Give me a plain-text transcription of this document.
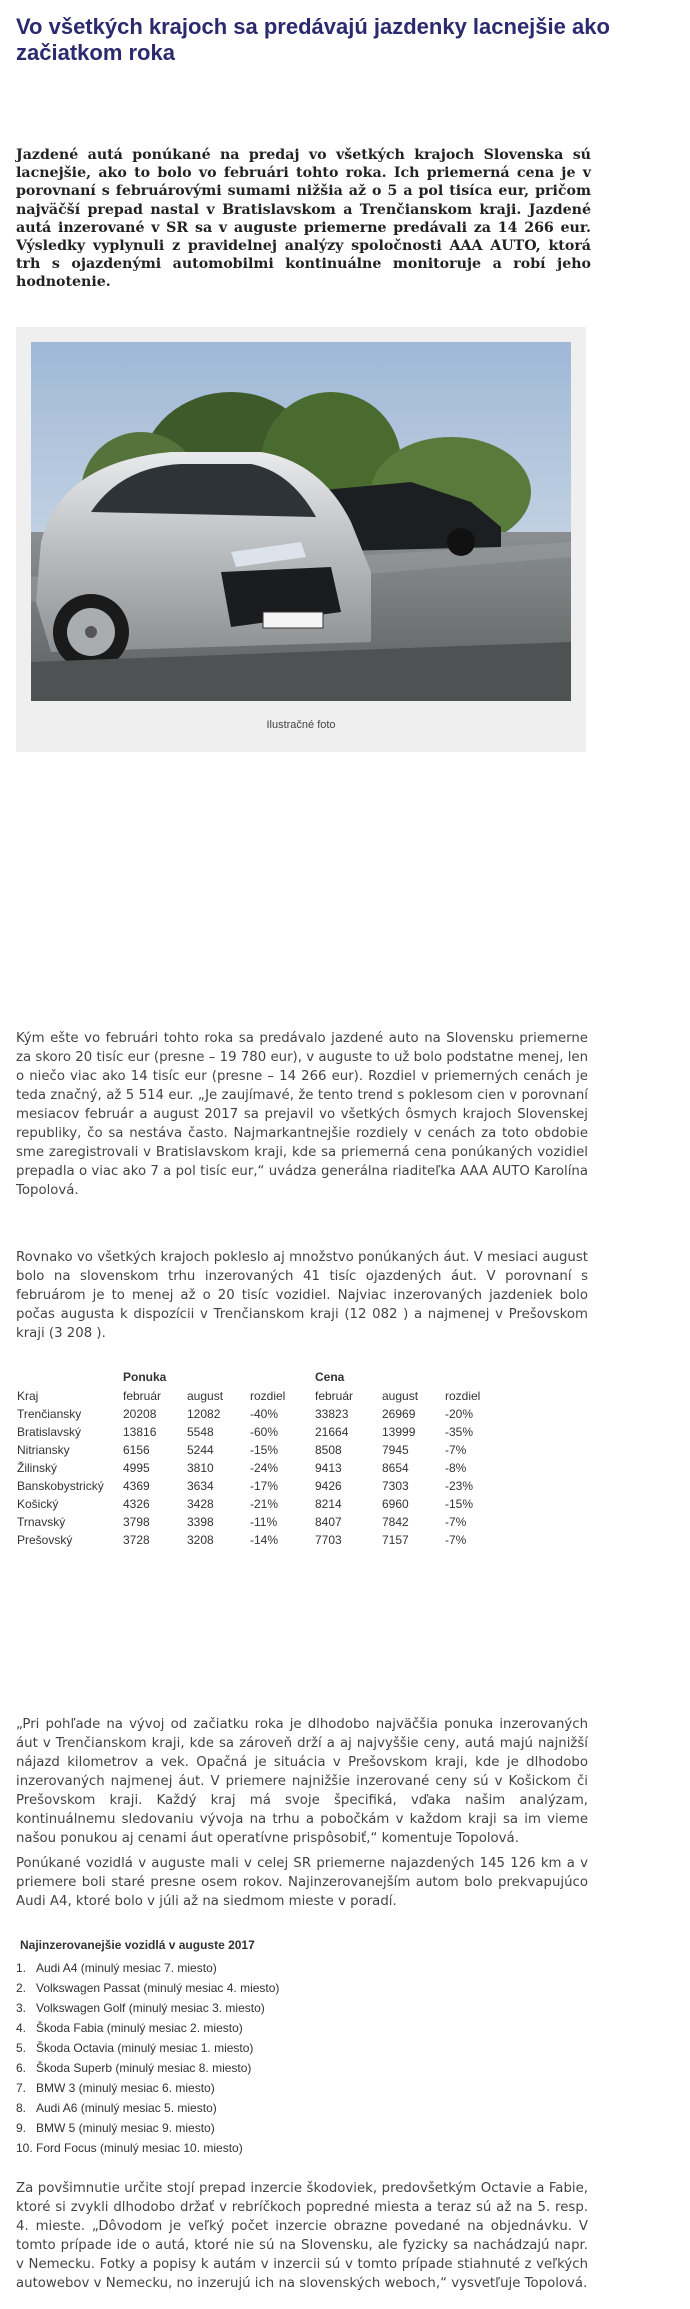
Vo všetkých krajoch sa predávajú jazdenky lacnejšie ako začiatkom roka

Jazdené autá ponúkané na predaj vo všetkých krajoch Slovenska sú lacnejšie, ako to bolo vo februári tohto roka. Ich priemerná cena je v porovnaní s februárovými sumami nižšia až o 5 a pol tisíca eur, pričom najväčší prepad nastal v Bratislavskom a Trenčianskom kraji. Jazdené autá inzerované v SR sa v auguste priemerne predávali za 14 266 eur. Výsledky vyplynuli z pravidelnej analýzy spoločnosti AAA AUTO, ktorá trh s ojazdenými automobilmi kontinuálne monitoruje a robí jeho hodnotenie.

Ilustračné foto

Kým ešte vo februári tohto roka sa predávalo jazdené auto na Slovensku priemerne za skoro 20 tisíc eur (presne – 19 780 eur), v auguste to už bolo podstatne menej, len o niečo viac ako 14 tisíc eur (presne – 14 266 eur). Rozdiel v priemerných cenách je teda značný, až 5 514 eur. „Je zaujímavé, že tento trend s poklesom cien v porovnaní mesiacov február a august 2017 sa prejavil vo všetkých ôsmych krajoch Slovenskej republiky, čo sa nestáva často. Najmarkantnejšie rozdiely v cenách za toto obdobie sme zaregistrovali v Bratislavskom kraji, kde sa priemerná cena ponúkaných vozidiel prepadla o viac ako 7 a pol tisíc eur,“ uvádza generálna riaditeľka AAA AUTO Karolína Topolová.

Rovnako vo všetkých krajoch pokleslo aj množstvo ponúkaných áut. V mesiaci august bolo na slovenskom trhu inzerovaných 41 tisíc ojazdených áut. V porovnaní s februárom je to menej až o 20 tisíc vozidiel. Najviac inzerovaných jazdeniek bolo počas augusta k dispozícii v Trenčianskom kraji (12 082 ) a najmenej v Prešovskom kraji (3 208 ).

	Ponuka			Cena		
Kraj	február	august	rozdiel	február	august	rozdiel
Trenčiansky	20208	12082	-40%	33823	26969	-20%
Bratislavský	13816	5548	-60%	21664	13999	-35%
Nitriansky	6156	5244	-15%	8508	7945	-7%
Žilinský	4995	3810	-24%	9413	8654	-8%
Banskobystrický	4369	3634	-17%	9426	7303	-23%
Košický	4326	3428	-21%	8214	6960	-15%
Trnavský	3798	3398	-11%	8407	7842	-7%
Prešovský	3728	3208	-14%	7703	7157	-7%

„Pri pohľade na vývoj od začiatku roka je dlhodobo najväčšia ponuka inzerovaných áut v Trenčianskom kraji, kde sa zároveň drží a aj najvyššie ceny, autá majú najnižší nájazd kilometrov a vek. Opačná je situácia v Prešovskom kraji, kde je dlhodobo inzerovaných najmenej áut. V priemere najnižšie inzerované ceny sú v Košickom či Prešovskom kraji. Každý kraj má svoje špecifiká, vďaka našim analýzam, kontinuálnemu sledovaniu vývoja na trhu a pobočkám v každom kraji sa im vieme našou ponukou aj cenami áut operatívne prispôsobiť,“ komentuje Topolová.

Ponúkané vozidlá v auguste mali v celej SR priemerne najazdených 145 126 km a v priemere boli staré presne osem rokov. Najinzerovanejším autom bolo prekvapujúco Audi A4, ktoré bolo v júli až na siedmom mieste v poradí.

Najinzerovanejšie vozidlá v auguste 2017

1. Audi A4 (minulý mesiac 7. miesto)
2. Volkswagen Passat (minulý mesiac 4. miesto)
3. Volkswagen Golf (minulý mesiac 3. miesto)
4. Škoda Fabia (minulý mesiac 2. miesto)
5. Škoda Octavia (minulý mesiac 1. miesto)
6. Škoda Superb (minulý mesiac 8. miesto)
7. BMW 3 (minulý mesiac 6. miesto)
8. Audi A6 (minulý mesiac 5. miesto)
9. BMW 5 (minulý mesiac 9. miesto)
10. Ford Focus (minulý mesiac 10. miesto)

Za povšimnutie určite stojí prepad inzercie škodoviek, predovšetkým Octavie a Fabie, ktoré si zvykli dlhodobo držať v rebríčkoch popredné miesta a teraz sú až na 5. resp. 4. mieste. „Dôvodom je veľký počet inzercie obrazne povedané na objednávku. V tomto prípade ide o autá, ktoré nie sú na Slovensku, ale fyzicky sa nachádzajú napr. v Nemecku. Fotky a popisy k autám v inzercii sú v tomto prípade stiahnuté z veľkých autowebov v Nemecku, no inzerujú ich na slovenských weboch,“ vysvetľuje Topolová.
